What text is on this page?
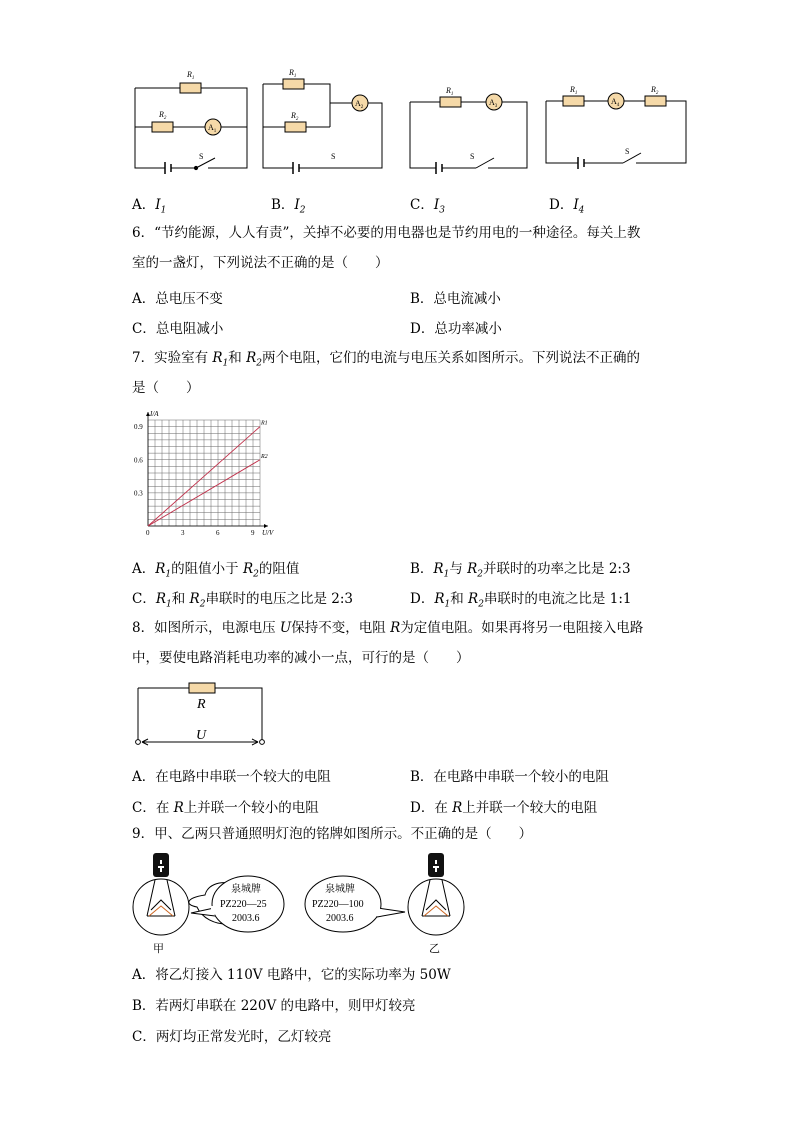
$R_1$
$R_2$
$A_1$
S
$R_1$
$R_2$
$A_2$
S
$R_1$
$A_3$
S
$R_1$	$R_2$
$A_4$
S
A．$I_1$	B．$I_2$	C．$I_3$	D．$I_4$
6．“节约能源，人人有责”，关掉不必要的用电器也是节约用电的一种途径。每关上教
室的一盏灯，下列说法不正确的是（　　）
A．总电压不变	B．总电流减小
C．总电阻减小	D．总功率减小
7．实验室有 $R_1$和 $R_2$两个电阻，它们的电流与电压关系如图所示。下列说法不正确的
是（　　）
0	3	6	9
0.3
0.6
0.9
U/V
I/A
R1
R2
A．$R_1$的阻值小于 $R_2$的阻值	B．$R_1$与 $R_2$并联时的功率之比是 2:3
C．$R_1$和 $R_2$串联时的电压之比是 2:3	D．$R_1$和 $R_2$串联时的电流之比是 1:1
8．如图所示，电源电压 U保持不变，电阻 R为定值电阻。如果再将另一电阻接入电路
中，要使电路消耗电功率的减小一点，可行的是（　　）
R
U
A．在电路中串联一个较大的电阻	B．在电路中串联一个较小的电阻
C．在 R上并联一个较小的电阻	D．在 R上并联一个较大的电阻
9．甲、乙两只普通照明灯泡的铭牌如图所示。不正确的是（　　）
甲
泉城牌
PZ220—25
2003.6
泉城牌
PZ220—100
2003.6
乙
A．将乙灯接入 110V 电路中，它的实际功率为 50W
B．若两灯串联在 220V 的电路中，则甲灯较亮
C．两灯均正常发光时，乙灯较亮
